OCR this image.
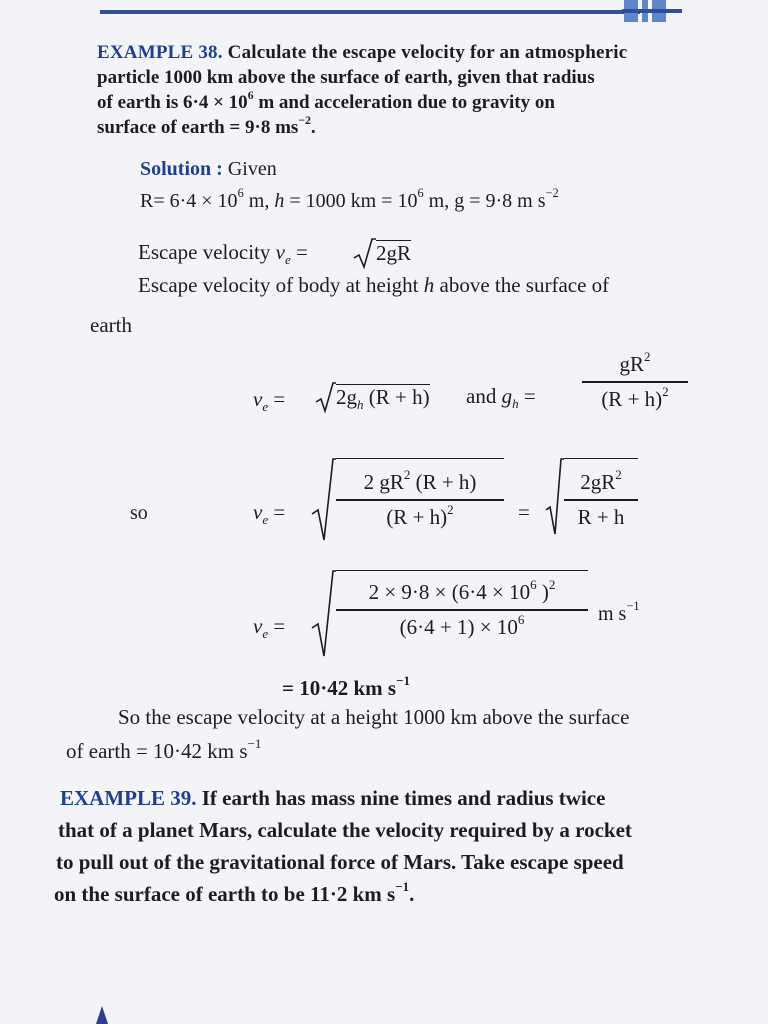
EXAMPLE 38. Calculate the escape velocity for an atmospheric
particle 1000 km above the surface of earth, given that radius
of earth is $6\cdot 4 \times 10^6$ m and acceleration due to gravity on
surface of earth = 9·8 $ms^{-2}$.
Solution : Given
$R= 6\cdot 4 \times 10^6$ m, h = 1000 km = $10^6$ m, g = 9·8 m $s^{-2}$
Escape velocity $v_e$ =	2gR
Escape velocity of body at height h above the surface of
earth
$v_e = 2g_h$ (R + h) and $g_h$ =
$gR^2$
$(R + h)^2$
so	$v_e$ =
2 $gR^2$ (R + h)
$(R + h)^2$	=
$2gR^2$
R + h
$v_e$ =
$2 \times 9\cdot 8 \times (6\cdot 4 \times 10^6$ )$^2$
$(6\cdot 4 + 1) \times 10^6$	m $s^{-1}$
= 10·42 km $s^{-1}$
So the escape velocity at a height 1000 km above the surface
of earth = 10·42 km $s^{-1}$
EXAMPLE 39. If earth has mass nine times and radius twice
that of a planet Mars, calculate the velocity required by a rocket
to pull out of the gravitational force of Mars. Take escape speed
on the surface of earth to be 11·2 km $s^{-1}$.
